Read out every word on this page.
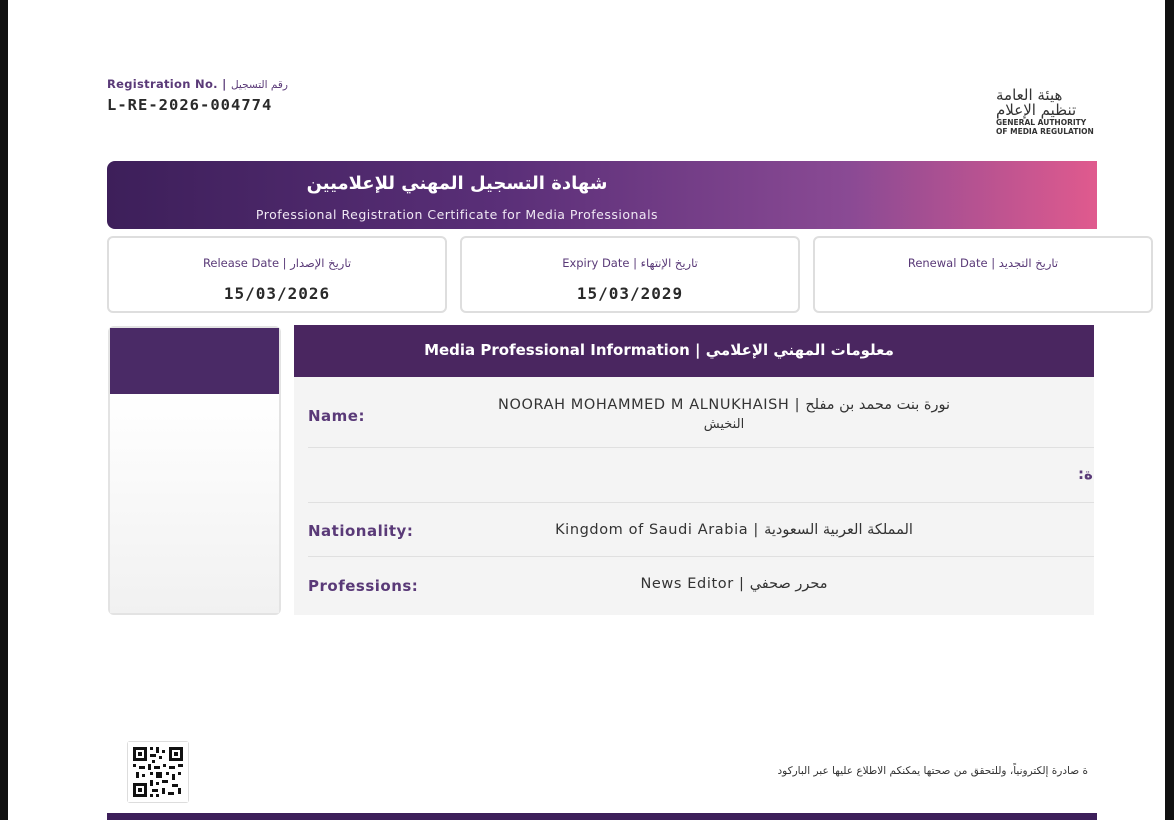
Registration No. | رقم التسجيل
L-RE-2026-004774
هيئة العامة
تنظيم الإعلام
GENERAL AUTHORITY
OF MEDIA REGULATION
شهادة التسجيل المهني للإعلاميين
Professional Registration Certificate for Media Professionals
Release Date | تاريخ الإصدار
15/03/2026
Expiry Date | تاريخ الإنتهاء
15/03/2029
Renewal Date | تاريخ التجديد
Media Professional Information | معلومات المهني الإعلامي
Name:
NOORAH MOHAMMED M ALNUKHAISH | نورة بنت محمد بن مفلح
النخيش
:ة
Nationality:	Kingdom of Saudi Arabia | المملكة العربية السعودية
Professions:	News Editor | محرر صحفي
ة صادرة إلكترونياً، وللتحقق من صحتها يمكنكم الاطلاع عليها عبر الباركود
